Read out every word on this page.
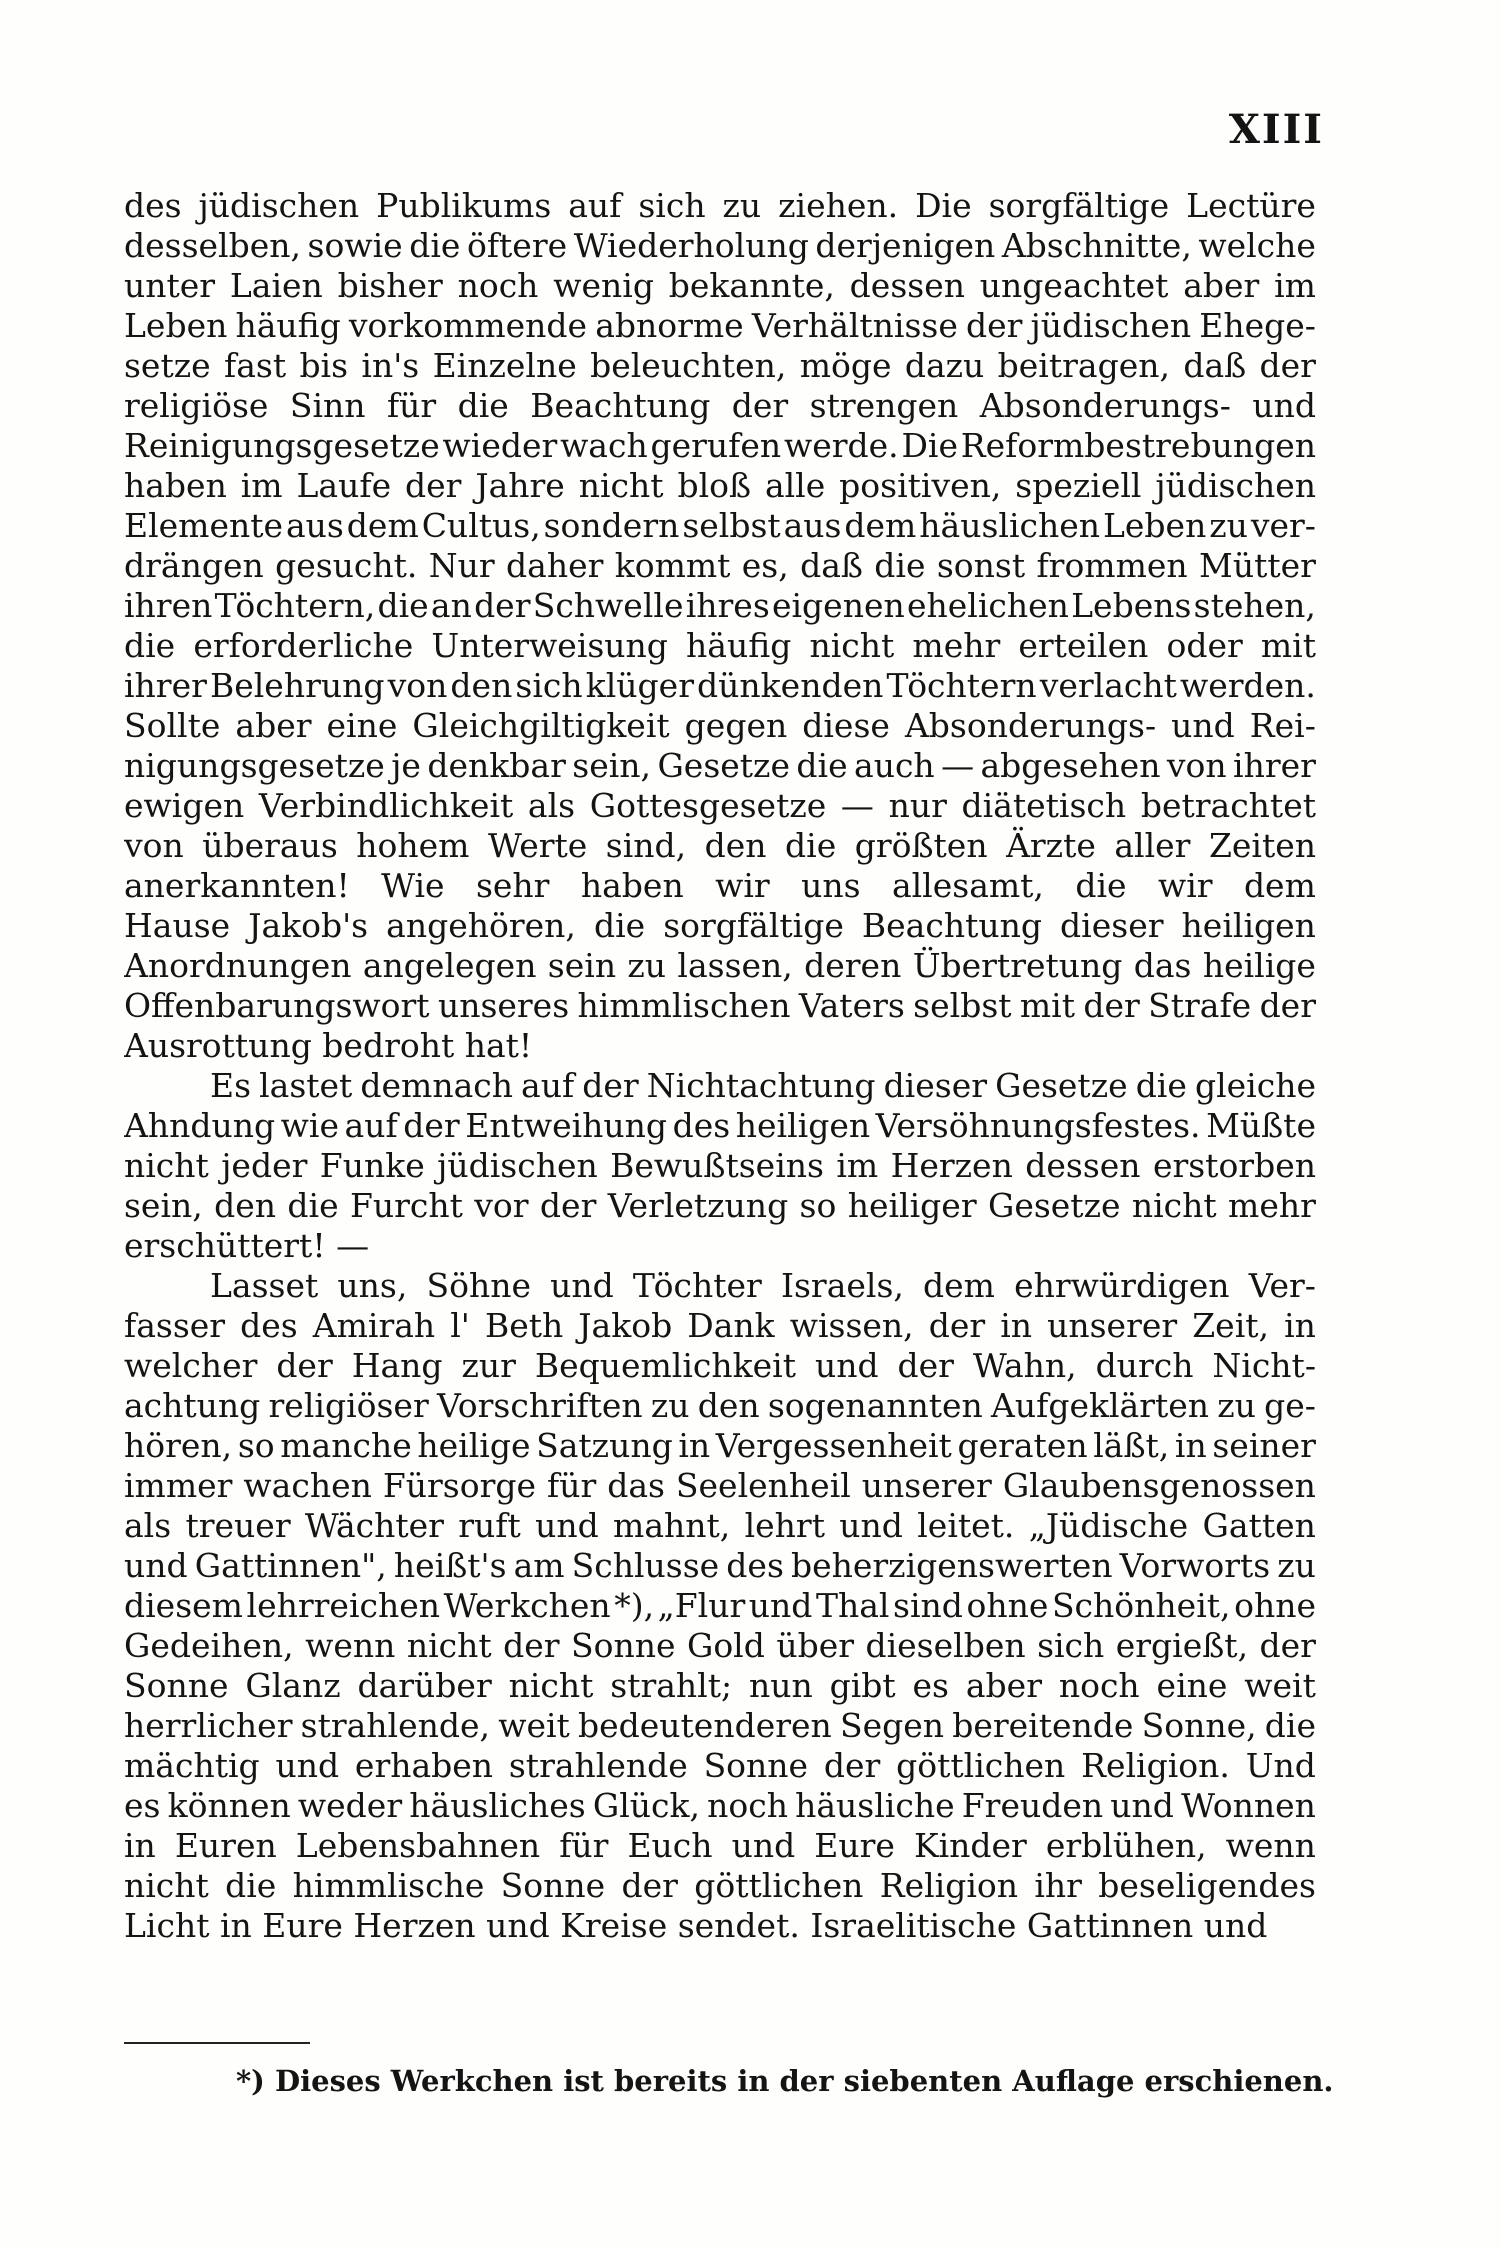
XIII
des jüdischen Publikums auf sich zu ziehen. Die sorgfältige Lectüre
desselben, sowie die öftere Wiederholung derjenigen Abschnitte, welche
unter Laien bisher noch wenig bekannte, dessen ungeachtet aber im
Leben häufig vorkommende abnorme Verhältnisse der jüdischen Ehege-
setze fast bis in's Einzelne beleuchten, möge dazu beitragen, daß der
religiöse Sinn für die Beachtung der strengen Absonderungs- und
Reinigungsgesetze wieder wach gerufen werde. Die Reformbestrebungen
haben im Laufe der Jahre nicht bloß alle positiven, speziell jüdischen
Elemente aus dem Cultus, sondern selbst aus dem häuslichen Leben zu ver-
drängen gesucht. Nur daher kommt es, daß die sonst frommen Mütter
ihren Töchtern, die an der Schwelle ihres eigenen ehelichen Lebens stehen,
die erforderliche Unterweisung häufig nicht mehr erteilen oder mit
ihrer Belehrung von den sich klüger dünkenden Töchtern verlacht werden.
Sollte aber eine Gleichgiltigkeit gegen diese Absonderungs- und Rei-
nigungsgesetze je denkbar sein, Gesetze die auch — abgesehen von ihrer
ewigen Verbindlichkeit als Gottesgesetze — nur diätetisch betrachtet
von überaus hohem Werte sind, den die größten Ärzte aller Zeiten
anerkannten! Wie sehr haben wir uns allesamt, die wir dem
Hause Jakob's angehören, die sorgfältige Beachtung dieser heiligen
Anordnungen angelegen sein zu lassen, deren Übertretung das heilige
Offenbarungswort unseres himmlischen Vaters selbst mit der Strafe der
Ausrottung bedroht hat!
Es lastet demnach auf der Nichtachtung dieser Gesetze die gleiche
Ahndung wie auf der Entweihung des heiligen Versöhnungsfestes. Müßte
nicht jeder Funke jüdischen Bewußtseins im Herzen dessen erstorben
sein, den die Furcht vor der Verletzung so heiliger Gesetze nicht mehr
erschüttert! —
Lasset uns, Söhne und Töchter Israels, dem ehrwürdigen Ver-
fasser des Amirah l' Beth Jakob Dank wissen, der in unserer Zeit, in
welcher der Hang zur Bequemlichkeit und der Wahn, durch Nicht-
achtung religiöser Vorschriften zu den sogenannten Aufgeklärten zu ge-
hören, so manche heilige Satzung in Vergessenheit geraten läßt, in seiner
immer wachen Fürsorge für das Seelenheil unserer Glaubensgenossen
als treuer Wächter ruft und mahnt, lehrt und leitet. „Jüdische Gatten
und Gattinnen", heißt's am Schlusse des beherzigenswerten Vorworts zu
diesem lehrreichen Werkchen *), „Flur und Thal sind ohne Schönheit, ohne
Gedeihen, wenn nicht der Sonne Gold über dieselben sich ergießt, der
Sonne Glanz darüber nicht strahlt; nun gibt es aber noch eine weit
herrlicher strahlende, weit bedeutenderen Segen bereitende Sonne, die
mächtig und erhaben strahlende Sonne der göttlichen Religion. Und
es können weder häusliches Glück, noch häusliche Freuden und Wonnen
in Euren Lebensbahnen für Euch und Eure Kinder erblühen, wenn
nicht die himmlische Sonne der göttlichen Religion ihr beseligendes
Licht in Eure Herzen und Kreise sendet. Israelitische Gattinnen und
*) Dieses Werkchen ist bereits in der siebenten Auflage erschienen.
